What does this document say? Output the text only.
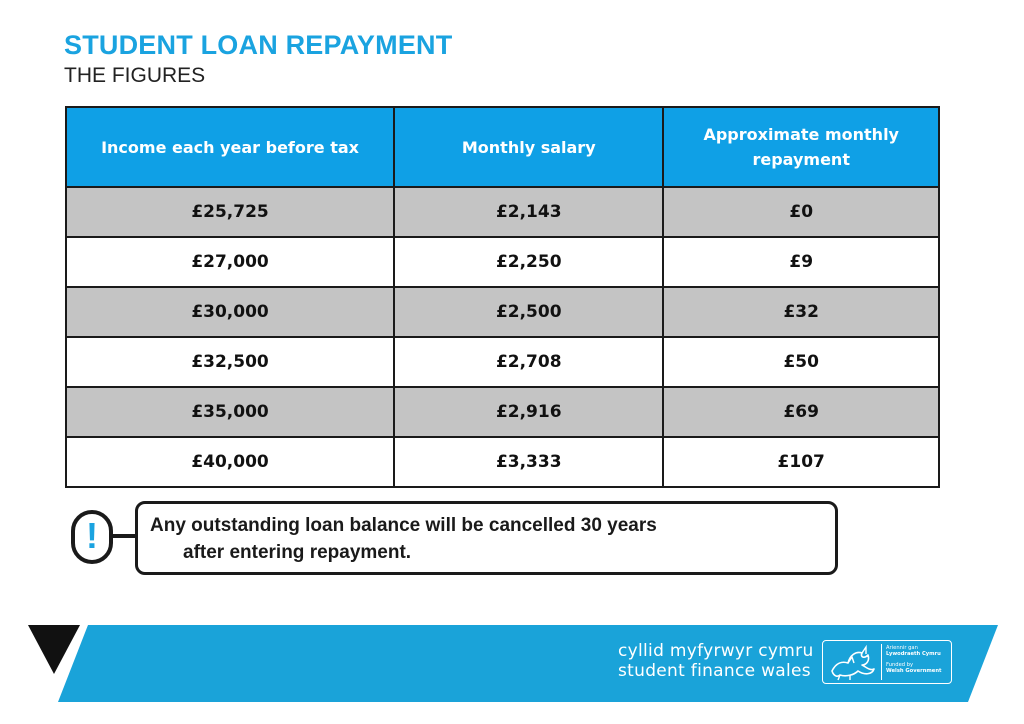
STUDENT LOAN REPAYMENT
THE FIGURES
Income each year before tax	Monthly salary	Approximate monthly repayment
£25,725	£2,143	£0
£27,000	£2,250	£9
£30,000	£2,500	£32
£32,500	£2,708	£50
£35,000	£2,916	£69
£40,000	£3,333	£107
!	Any outstanding loan balance will be cancelled 30 years
after entering repayment.
cyllid myfyrwyr cymru
student finance wales
Ariennir gan
Lywodraeth Cymru
Funded by
Welsh Government
